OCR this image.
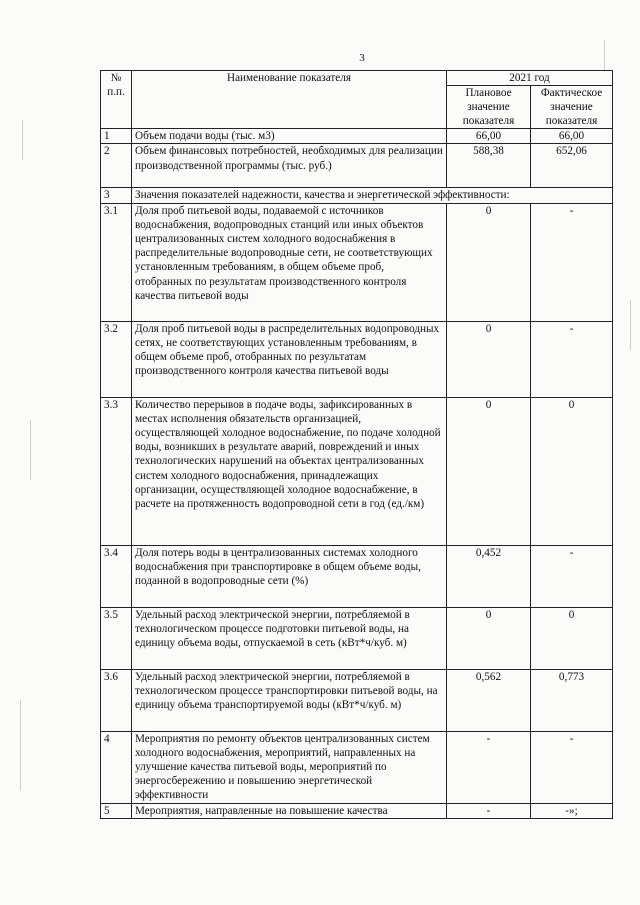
3
№
п.п.	Наименование показателя	2021 год	
		Плановое значение показателя	Фактическое значение показателя
1	Объем подачи воды (тыс. м3)	66,00	66,00
2	Объем финансовых потребностей, необходимых для реализации производственной программы (тыс. руб.)	588,38	652,06
3	Значения показателей надежности, качества и энергетической эффективности:		
3.1	Доля проб питьевой воды, подаваемой с источников водоснабжения, водопроводных станций или иных объектов централизованных систем холодного водоснабжения в распределительные водопроводные сети, не соответствующих установленным требованиям, в общем объеме проб, отобранных по результатам производственного контроля качества питьевой воды	0	-
3.2	Доля проб питьевой воды в распределительных водопроводных сетях, не соответствующих установленным требованиям, в общем объеме проб, отобранных по результатам производственного контроля качества питьевой воды	0	-
3.3	Количество перерывов в подаче воды, зафиксированных в местах исполнения обязательств организацией, осуществляющей холодное водоснабжение, по подаче холодной воды, возникших в результате аварий, повреждений и иных технологических нарушений на объектах централизованных систем холодного водоснабжения, принадлежащих организации, осуществляющей холодное водоснабжение, в расчете на протяженность водопроводной сети в год (ед./км)	0	0
3.4	Доля потерь воды в централизованных системах холодного водоснабжения при транспортировке в общем объеме воды, поданной в водопроводные сети (%)	0,452	-
3.5	Удельный расход электрической энергии, потребляемой в технологическом процессе подготовки питьевой воды, на единицу объема воды, отпускаемой в сеть (кВт*ч/куб. м)	0	0
3.6	Удельный расход электрической энергии, потребляемой в технологическом процессе транспортировки питьевой воды, на единицу объема транспортируемой воды (кВт*ч/куб. м)	0,562	0,773
4	Мероприятия по ремонту объектов централизованных систем холодного водоснабжения, мероприятий, направленных на улучшение качества питьевой воды, мероприятий по энергосбережению и повышению энергетической эффективности	-	-
5	Мероприятия, направленные на повышение качества	-	-»;
